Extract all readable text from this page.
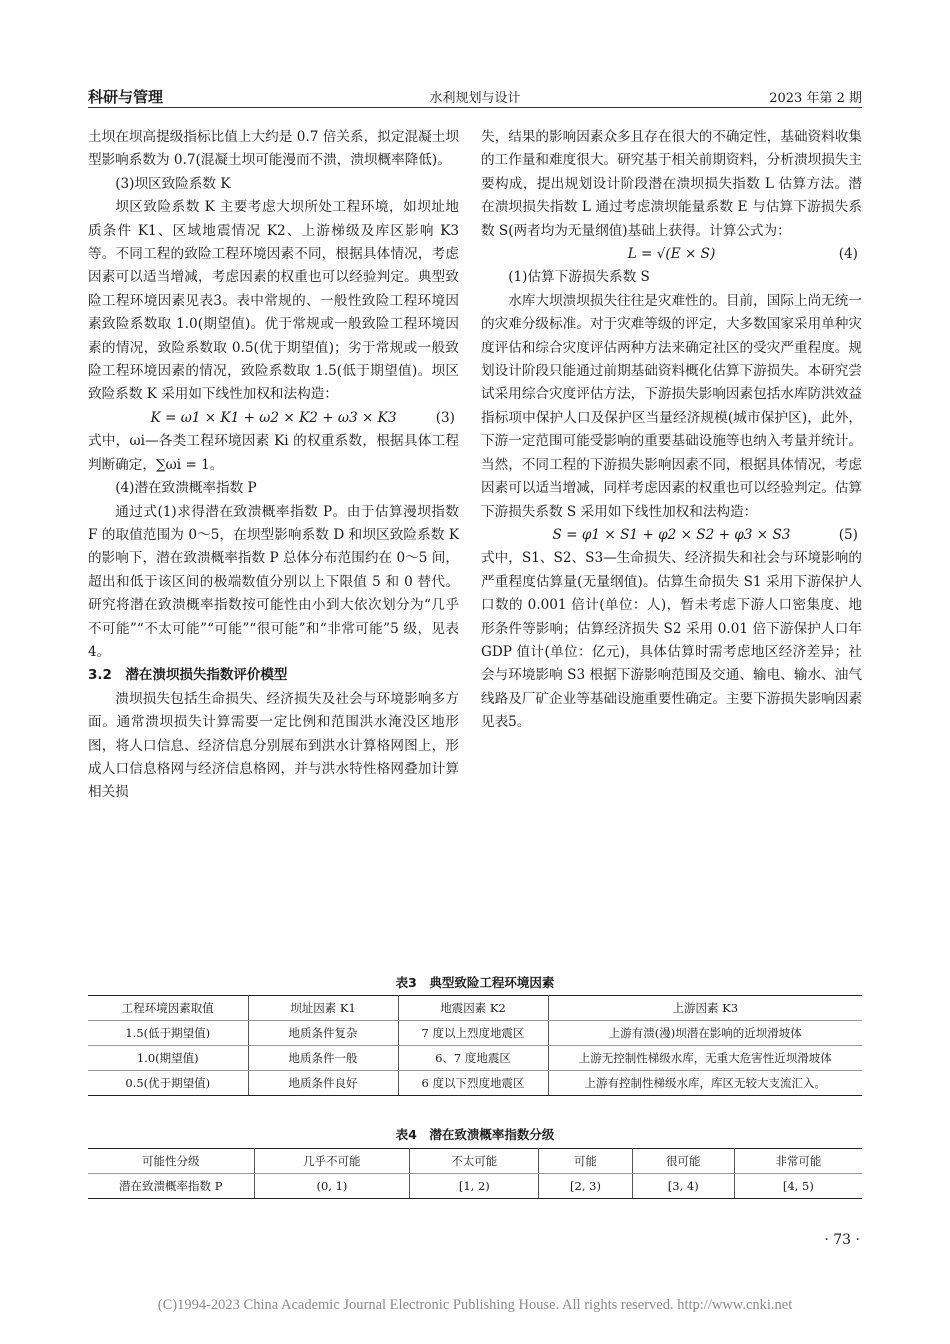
科研与管理	水利规划与设计	2023 年第 2 期

土坝在坝高提级指标比值上大约是 0.7 倍关系，拟定混凝土坝型影响系数为 0.7(混凝土坝可能漫而不溃，溃坝概率降低)。

(3)坝区致险系数 K

坝区致险系数 K 主要考虑大坝所处工程环境，如坝址地质条件 K1、区域地震情况 K2、上游梯级及库区影响 K3 等。不同工程的致险工程环境因素不同，根据具体情况，考虑因素可以适当增减，考虑因素的权重也可以经验判定。典型致险工程环境因素见表3。表中常规的、一般性致险工程环境因素致险系数取 1.0(期望值)。优于常规或一般致险工程环境因素的情况，致险系数取 0.5(优于期望值)；劣于常规或一般致险工程环境因素的情况，致险系数取 1.5(低于期望值)。坝区致险系数 K 采用如下线性加权和法构造：

K = ω1 × K1 + ω2 × K2 + ω3 × K3	(3)

式中，ωi—各类工程环境因素 Ki 的权重系数，根据具体工程判断确定，∑ωi = 1。

(4)潜在致溃概率指数 P

通过式(1)求得潜在致溃概率指数 P。由于估算漫坝指数 F 的取值范围为 0～5，在坝型影响系数 D 和坝区致险系数 K 的影响下，潜在致溃概率指数 P 总体分布范围约在 0～5 间，超出和低于该区间的极端数值分别以上下限值 5 和 0 替代。研究将潜在致溃概率指数按可能性由小到大依次划分为“几乎不可能”“不太可能”“可能”“很可能”和“非常可能”5 级，见表 4。

3.2　潜在溃坝损失指数评价模型

溃坝损失包括生命损失、经济损失及社会与环境影响多方面。通常溃坝损失计算需要一定比例和范围洪水淹没区地形图，将人口信息、经济信息分别展布到洪水计算格网图上，形成人口信息格网与经济信息格网，并与洪水特性格网叠加计算相关损

失，结果的影响因素众多且存在很大的不确定性，基础资料收集的工作量和难度很大。研究基于相关前期资料，分析溃坝损失主要构成，提出规划设计阶段潜在溃坝损失指数 L 估算方法。潜在溃坝损失指数 L 通过考虑溃坝能量系数 E 与估算下游损失系数 S(两者均为无量纲值)基础上获得。计算公式为：

L = √(E × S)	(4)

(1)估算下游损失系数 S

水库大坝溃坝损失往往是灾难性的。目前，国际上尚无统一的灾难分级标准。对于灾难等级的评定，大多数国家采用单种灾度评估和综合灾度评估两种方法来确定社区的受灾严重程度。规划设计阶段只能通过前期基础资料概化估算下游损失。本研究尝试采用综合灾度评估方法，下游损失影响因素包括水库防洪效益指标项中保护人口及保护区当量经济规模(城市保护区)，此外，下游一定范围可能受影响的重要基础设施等也纳入考量并统计。当然，不同工程的下游损失影响因素不同，根据具体情况，考虑因素可以适当增减，同样考虑因素的权重也可以经验判定。估算下游损失系数 S 采用如下线性加权和法构造：

S = φ1 × S1 + φ2 × S2 + φ3 × S3	(5)

式中，S1、S2、S3—生命损失、经济损失和社会与环境影响的严重程度估算量(无量纲值)。估算生命损失 S1 采用下游保护人口数的 0.001 倍计(单位：人)，暂未考虑下游人口密集度、地形条件等影响；估算经济损失 S2 采用 0.01 倍下游保护人口年 GDP 值计(单位：亿元)，具体估算时需考虑地区经济差异；社会与环境影响 S3 根据下游影响范围及交通、输电、输水、油气线路及厂矿企业等基础设施重要性确定。主要下游损失影响因素见表5。

表3　典型致险工程环境因素
工程环境因素取值	坝址因素 K1	地震因素 K2	上游因素 K3
1.5(低于期望值)	地质条件复杂	7 度以上烈度地震区	上游有溃(漫)坝潜在影响的近坝滑坡体
1.0(期望值)	地质条件一般	6、7 度地震区	上游无控制性梯级水库，无重大危害性近坝滑坡体
0.5(优于期望值)	地质条件良好	6 度以下烈度地震区	上游有控制性梯级水库，库区无较大支流汇入。
表4　潜在致溃概率指数分级
可能性分级	几乎不可能	不太可能	可能	很可能	非常可能
潜在致溃概率指数 P	(0, 1)	[1, 2)	[2, 3)	[3, 4)	[4, 5)
· 73 ·
(C)1994-2023 China Academic Journal Electronic Publishing House. All rights reserved. http://www.cnki.net
